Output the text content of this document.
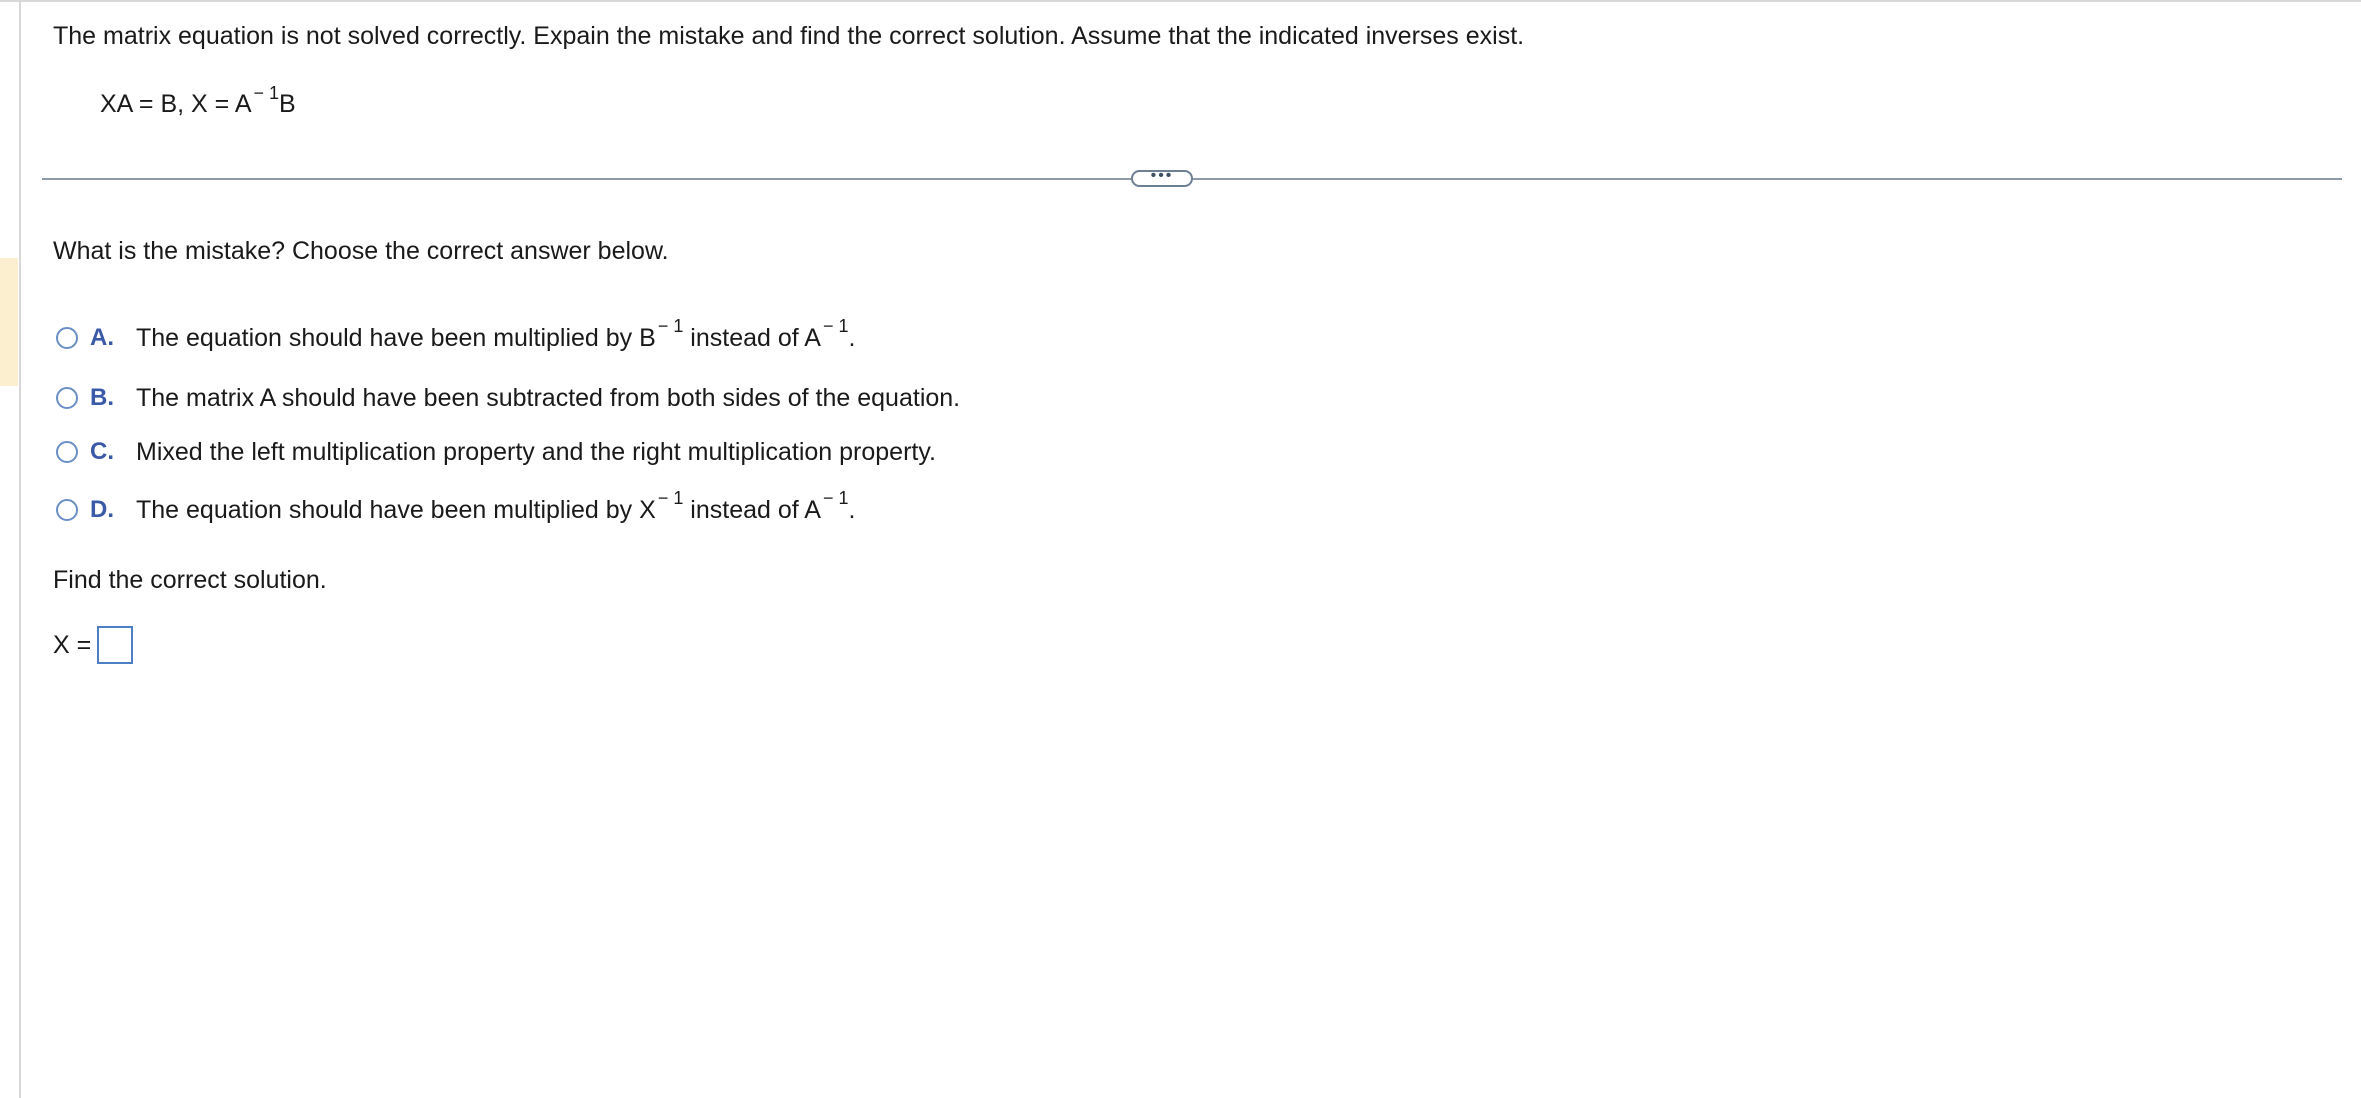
The matrix equation is not solved correctly. Expain the mistake and find the correct solution. Assume that the indicated inverses exist.
XA = B, X = A $^{- 1}$B
•••
What is the mistake? Choose the correct answer below.
A. The equation should have been multiplied by B $^{- 1}$ instead of A $^{- 1}$.
B. The matrix A should have been subtracted from both sides of the equation.
C. Mixed the left multiplication property and the right multiplication property.
D. The equation should have been multiplied by X $^{- 1}$ instead of A $^{- 1}$.
Find the correct solution.
X =
